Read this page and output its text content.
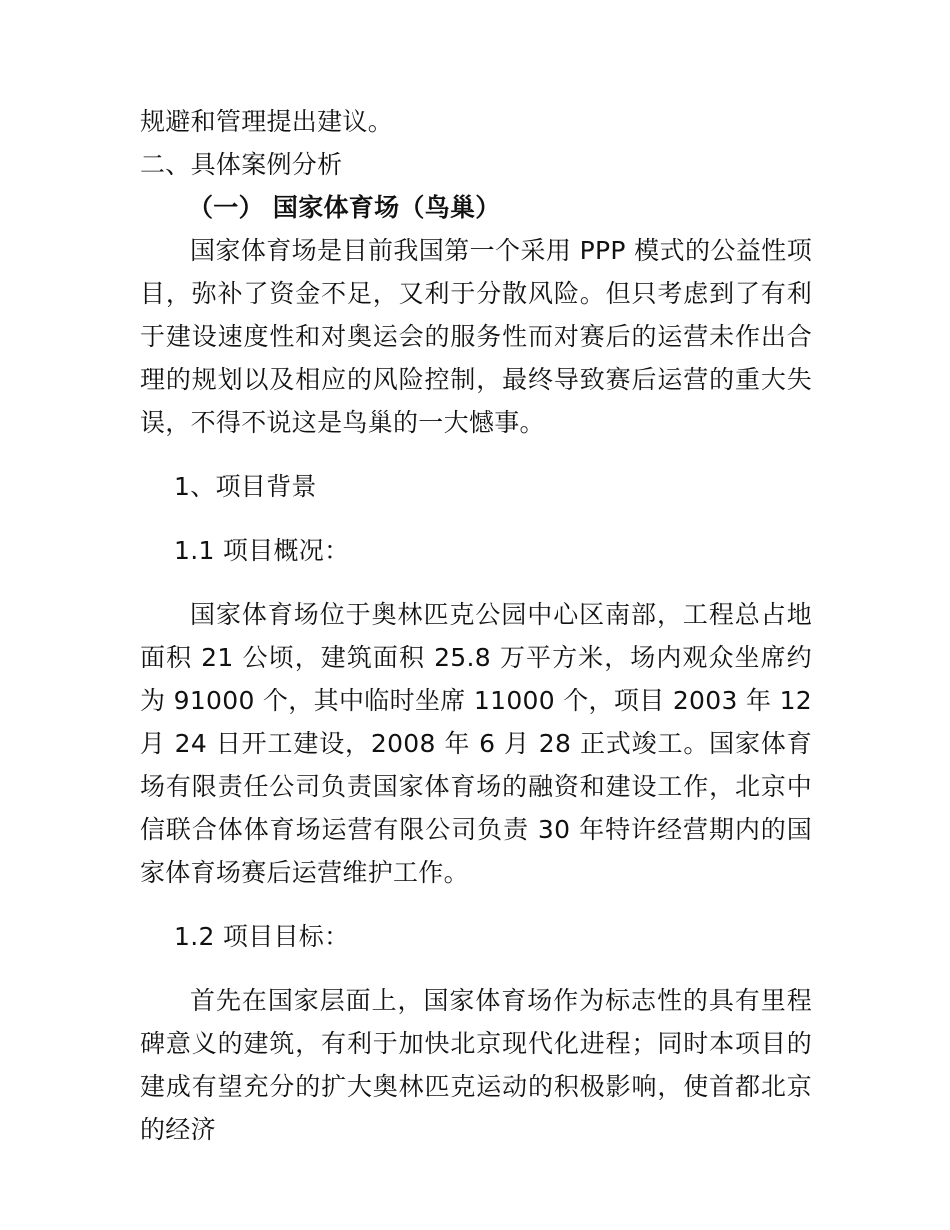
规避和管理提出建议。

二、具体案例分析

（一） 国家体育场（鸟巢）

国家体育场是目前我国第一个采用 PPP 模式的公益性项目，弥补了资金不足，又利于分散风险。但只考虑到了有利于建设速度性和对奥运会的服务性而对赛后的运营未作出合理的规划以及相应的风险控制，最终导致赛后运营的重大失误，不得不说这是鸟巢的一大憾事。

1、项目背景

1.1 项目概况：

国家体育场位于奥林匹克公园中心区南部，工程总占地面积 21 公顷，建筑面积 25.8 万平方米，场内观众坐席约为 91000 个，其中临时坐席 11000 个，项目 2003 年 12 月 24 日开工建设，2008 年 6 月 28 正式竣工。国家体育场有限责任公司负责国家体育场的融资和建设工作，北京中信联合体体育场运营有限公司负责 30 年特许经营期内的国家体育场赛后运营维护工作。

1.2 项目目标：

首先在国家层面上，国家体育场作为标志性的具有里程碑意义的建筑，有利于加快北京现代化进程；同时本项目的建成有望充分的扩大奥林匹克运动的积极影响，使首都北京的经济
